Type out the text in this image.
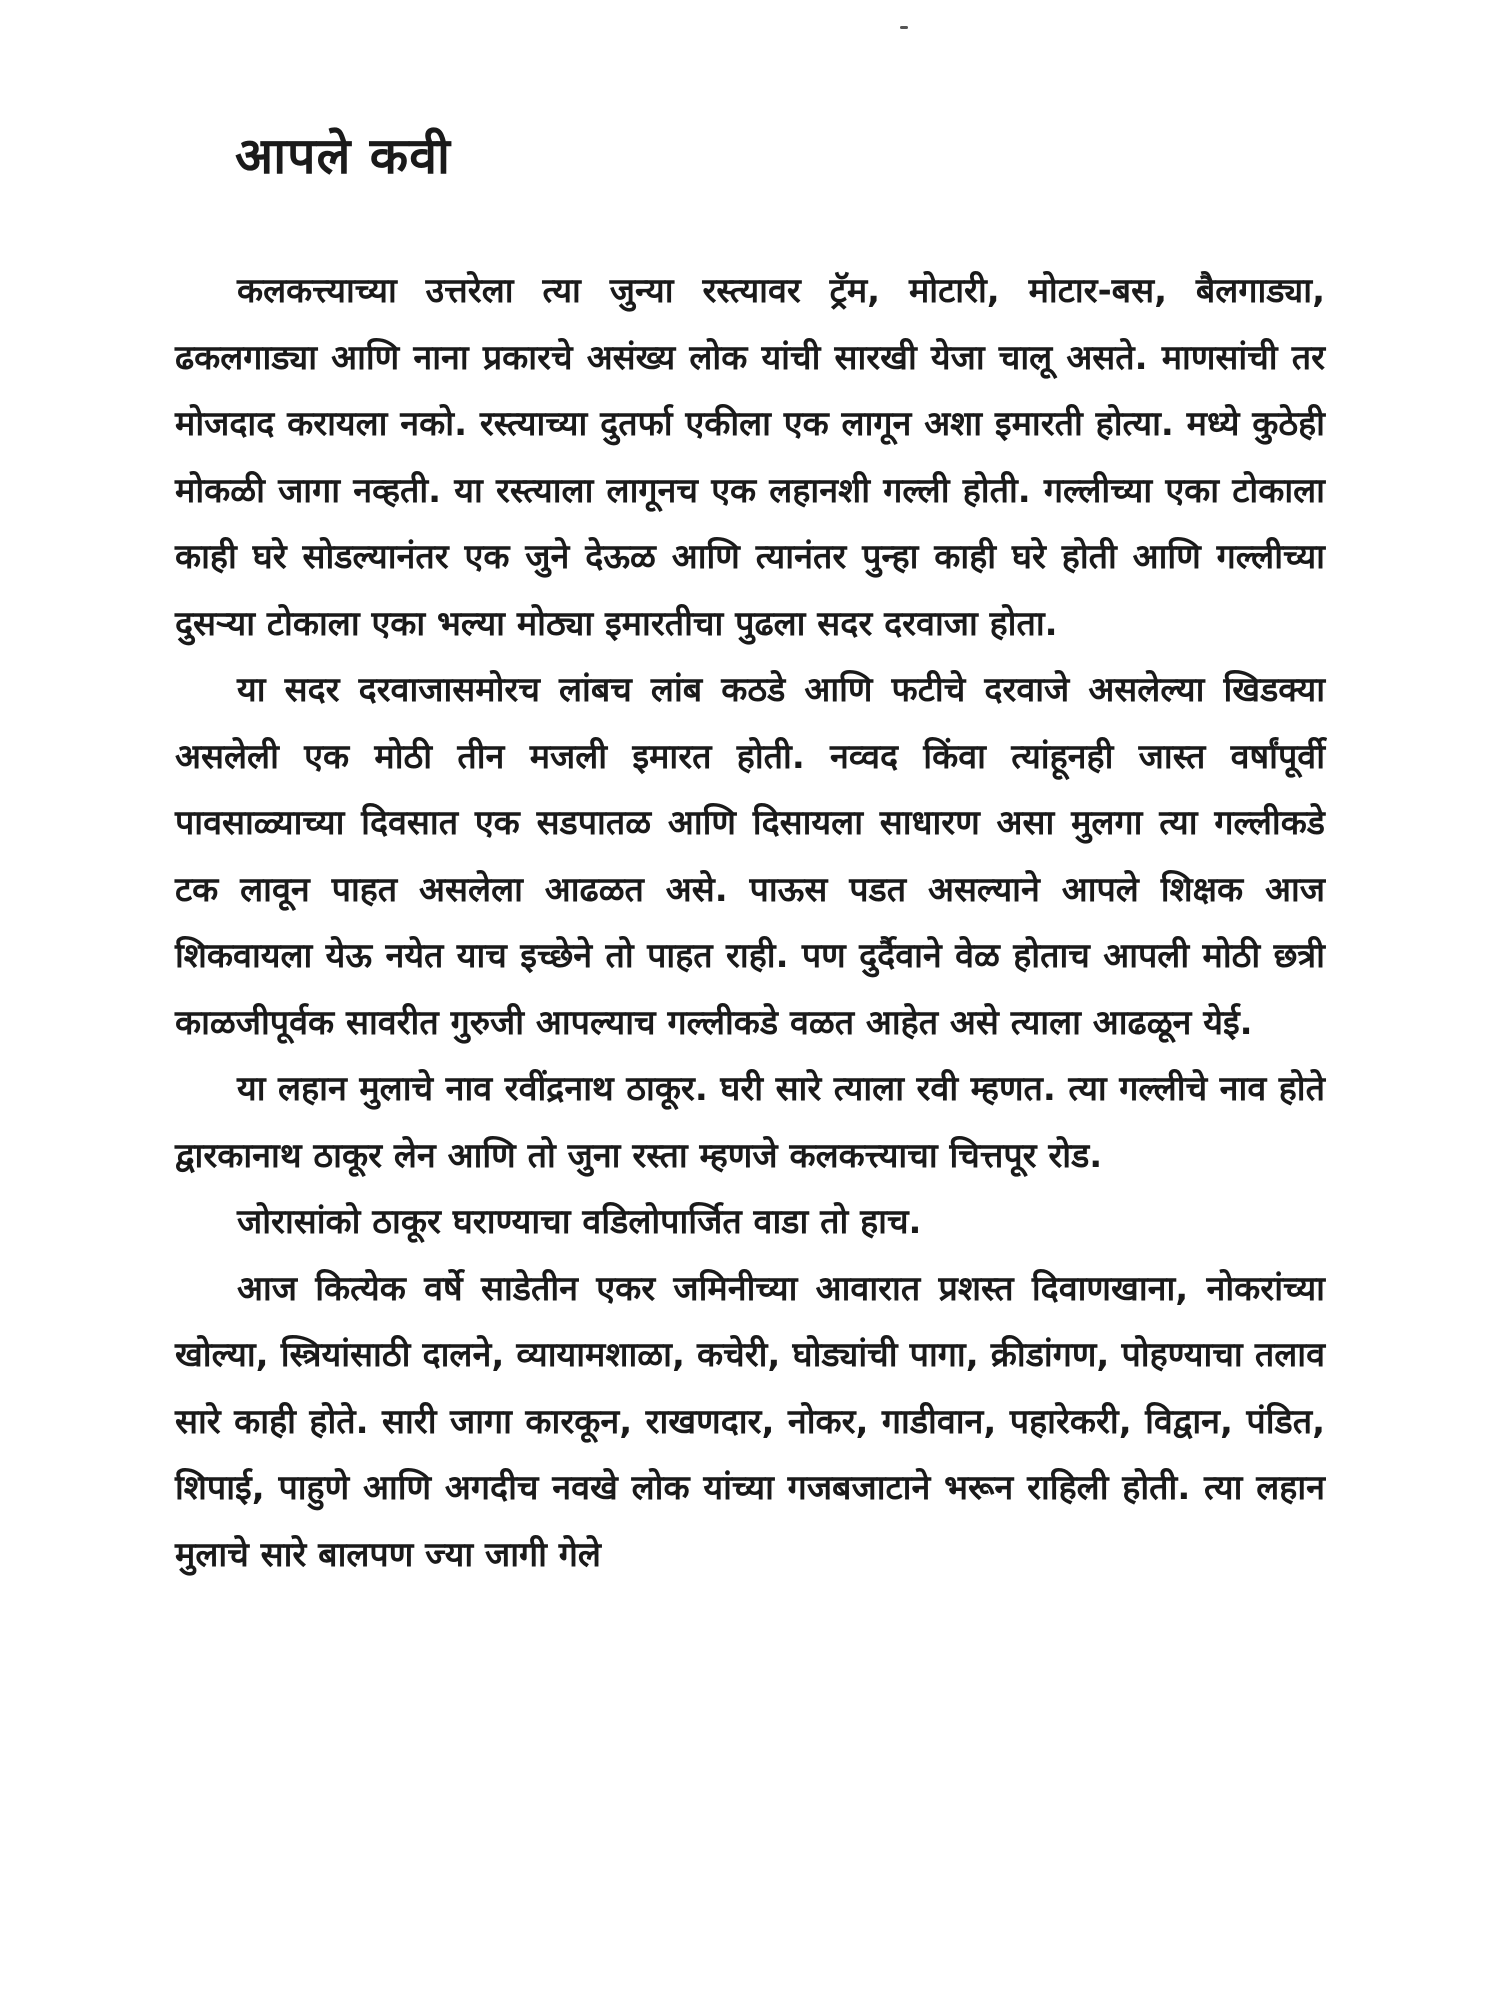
आपले कवी

कलकत्त्याच्या उत्तरेला त्या जुन्या रस्त्यावर ट्रॅम, मोटारी, मोटार-बस, बैलगाड्या, ढकलगाड्या आणि नाना प्रकारचे असंख्य लोक यांची सारखी येजा चालू असते. माणसांची तर मोजदाद करायला नको. रस्त्याच्या दुतर्फा एकीला एक लागून अशा इमारती होत्या. मध्ये कुठेही मोकळी जागा नव्हती. या रस्त्याला लागूनच एक लहानशी गल्ली होती. गल्लीच्या एका टोकाला काही घरे सोडल्यानंतर एक जुने देऊळ आणि त्यानंतर पुन्हा काही घरे होती आणि गल्लीच्या दुसऱ्या टोकाला एका भल्या मोठ्या इमारतीचा पुढला सदर दरवाजा होता.

या सदर दरवाजासमोरच लांबच लांब कठडे आणि फटीचे दरवाजे असलेल्या खिडक्या असलेली एक मोठी तीन मजली इमारत होती. नव्वद किंवा त्यांहूनही जास्त वर्षांपूर्वी पावसाळ्याच्या दिवसात एक सडपातळ आणि दिसायला साधारण असा मुलगा त्या गल्लीकडे टक लावून पाहत असलेला आढळत असे. पाऊस पडत असल्याने आपले शिक्षक आज शिकवायला येऊ नयेत याच इच्छेने तो पाहत राही. पण दुर्दैवाने वेळ होताच आपली मोठी छत्री काळजीपूर्वक सावरीत गुरुजी आपल्याच गल्लीकडे वळत आहेत असे त्याला आढळून येई.

या लहान मुलाचे नाव रवींद्रनाथ ठाकूर. घरी सारे त्याला रवी म्हणत. त्या गल्लीचे नाव होते द्वारकानाथ ठाकूर लेन आणि तो जुना रस्ता म्हणजे कलकत्त्याचा चित्तपूर रोड.

जोरासांको ठाकूर घराण्याचा वडिलोपार्जित वाडा तो हाच.

आज कित्येक वर्षे साडेतीन एकर जमिनीच्या आवारात प्रशस्त दिवाणखाना, नोकरांच्या खोल्या, स्त्रियांसाठी दालने, व्यायामशाळा, कचेरी, घोड्यांची पागा, क्रीडांगण, पोहण्याचा तलाव सारे काही होते. सारी जागा कारकून, राखणदार, नोकर, गाडीवान, पहारेकरी, विद्वान, पंडित, शिपाई, पाहुणे आणि अगदीच नवखे लोक यांच्या गजबजाटाने भरून राहिली होती. त्या लहान मुलाचे सारे बालपण ज्या जागी गेले
